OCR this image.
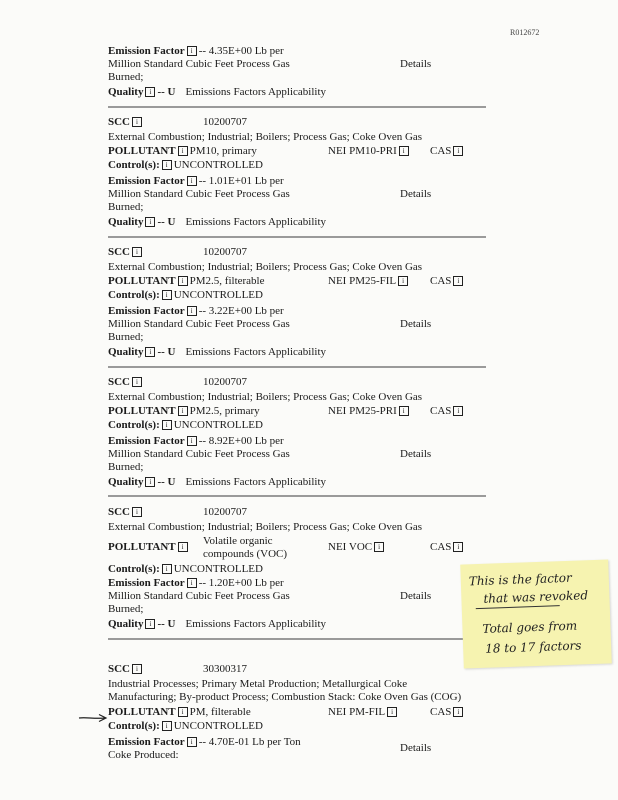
R012672
Emission Factor i -- 4.35E+00 Lb per
Million Standard Cubic Feet Process Gas	Details
Burned;
Quality i -- U Emissions Factors Applicability
SCC i	10200707
External Combustion; Industrial; Boilers; Process Gas; Coke Oven Gas
POLLUTANT i PM10, primary	NEI PM10-PRI i	CAS i
Control(s): i UNCONTROLLED
Emission Factor i -- 1.01E+01 Lb per
Million Standard Cubic Feet Process Gas	Details
Burned;
Quality i -- U Emissions Factors Applicability
SCC i	10200707
External Combustion; Industrial; Boilers; Process Gas; Coke Oven Gas
POLLUTANT i PM2.5, filterable	NEI PM25-FIL i	CAS i
Control(s): i UNCONTROLLED
Emission Factor i -- 3.22E+00 Lb per
Million Standard Cubic Feet Process Gas	Details
Burned;
Quality i -- U Emissions Factors Applicability
SCC i	10200707
External Combustion; Industrial; Boilers; Process Gas; Coke Oven Gas
POLLUTANT i PM2.5, primary	NEI PM25-PRI i	CAS i
Control(s): i UNCONTROLLED
Emission Factor i -- 8.92E+00 Lb per
Million Standard Cubic Feet Process Gas	Details
Burned;
Quality i -- U Emissions Factors Applicability
SCC i	10200707
External Combustion; Industrial; Boilers; Process Gas; Coke Oven Gas
POLLUTANT i	Volatile organic
compounds (VOC)
NEI VOC i	CAS i
Control(s): i UNCONTROLLED
Emission Factor i -- 1.20E+00 Lb per
Million Standard Cubic Feet Process Gas	Details
Burned;
Quality i -- U Emissions Factors Applicability
SCC i	30300317
Industrial Processes; Primary Metal Production; Metallurgical Coke
Manufacturing; By-product Process; Combustion Stack: Coke Oven Gas (COG)
POLLUTANT i PM, filterable	NEI PM-FIL i	CAS i
Control(s): i UNCONTROLLED
Emission Factor i -- 4.70E-01 Lb per Ton	Details
Coke Produced:
This is the factor
that was revoked
Total goes from
18 to 17 factors
